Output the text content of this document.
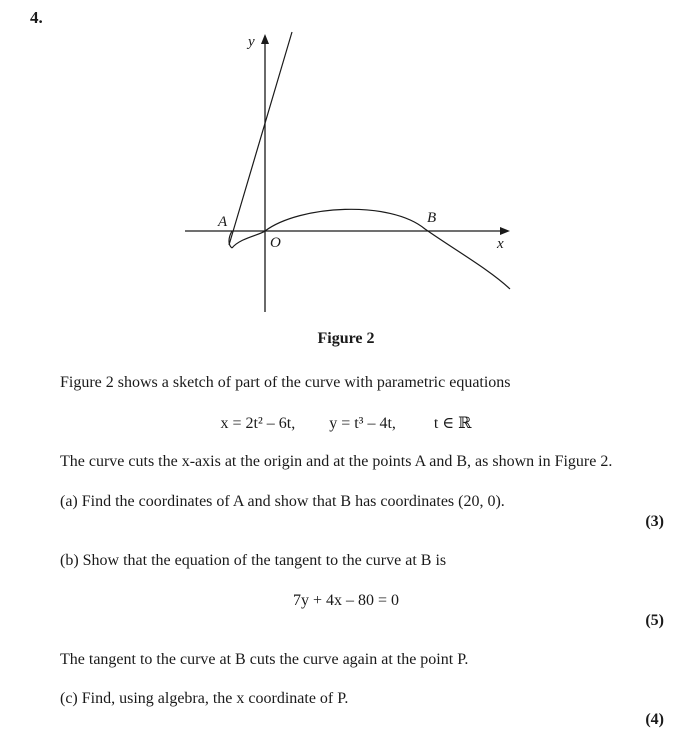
4.
y
x
O
A	B
Figure 2
Figure 2 shows a sketch of part of the curve with parametric equations
x = 2t² – 6t, y = t³ – 4t, t ∈ ℝ
The curve cuts the x-axis at the origin and at the points A and B, as shown in Figure 2.
(a) Find the coordinates of A and show that B has coordinates (20, 0).
(3)
(b) Show that the equation of the tangent to the curve at B is
7y + 4x – 80 = 0
(5)
The tangent to the curve at B cuts the curve again at the point P.
(c) Find, using algebra, the x coordinate of P.
(4)
